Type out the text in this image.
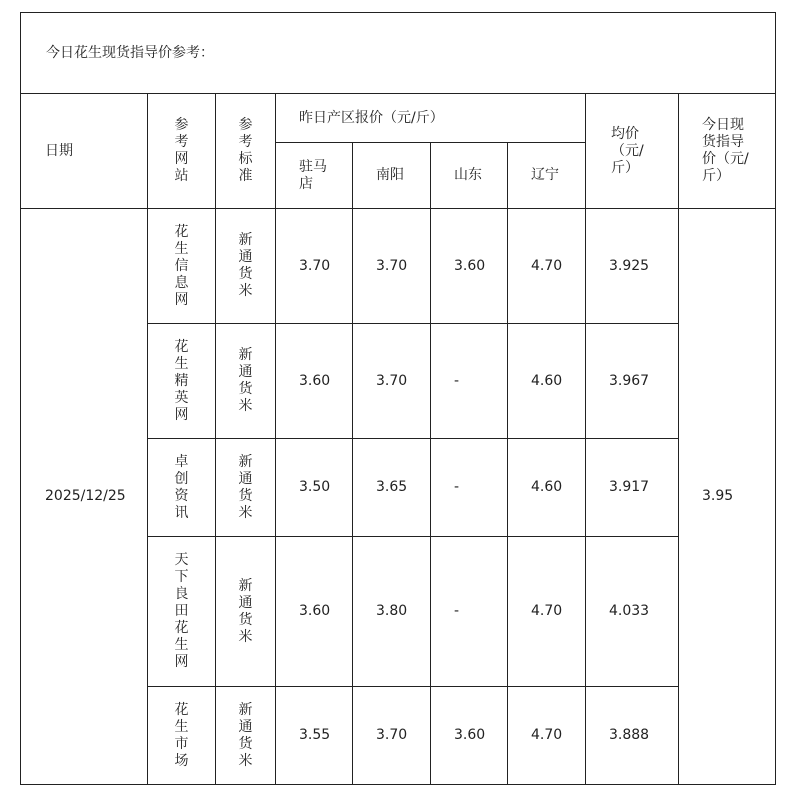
今日花生现货指导价参考：								
日期	参考网站	参考标准	昨日产区报价（元/斤）				均价（元/斤）	今日现货指导价（元/斤）
			驻马店	南阳	山东	辽宁		
2025/12/25	花生信息网	新通货米	3.70	3.70	3.60	4.70	3.925	3.95
	花生精英网	新通货米	3.60	3.70	-	4.60	3.967	
	卓创资讯	新通货米	3.50	3.65	-	4.60	3.917	
	天下良田花生网	新通货米	3.60	3.80	-	4.70	4.033	
	花生市场	新通货米	3.55	3.70	3.60	4.70	3.888	
